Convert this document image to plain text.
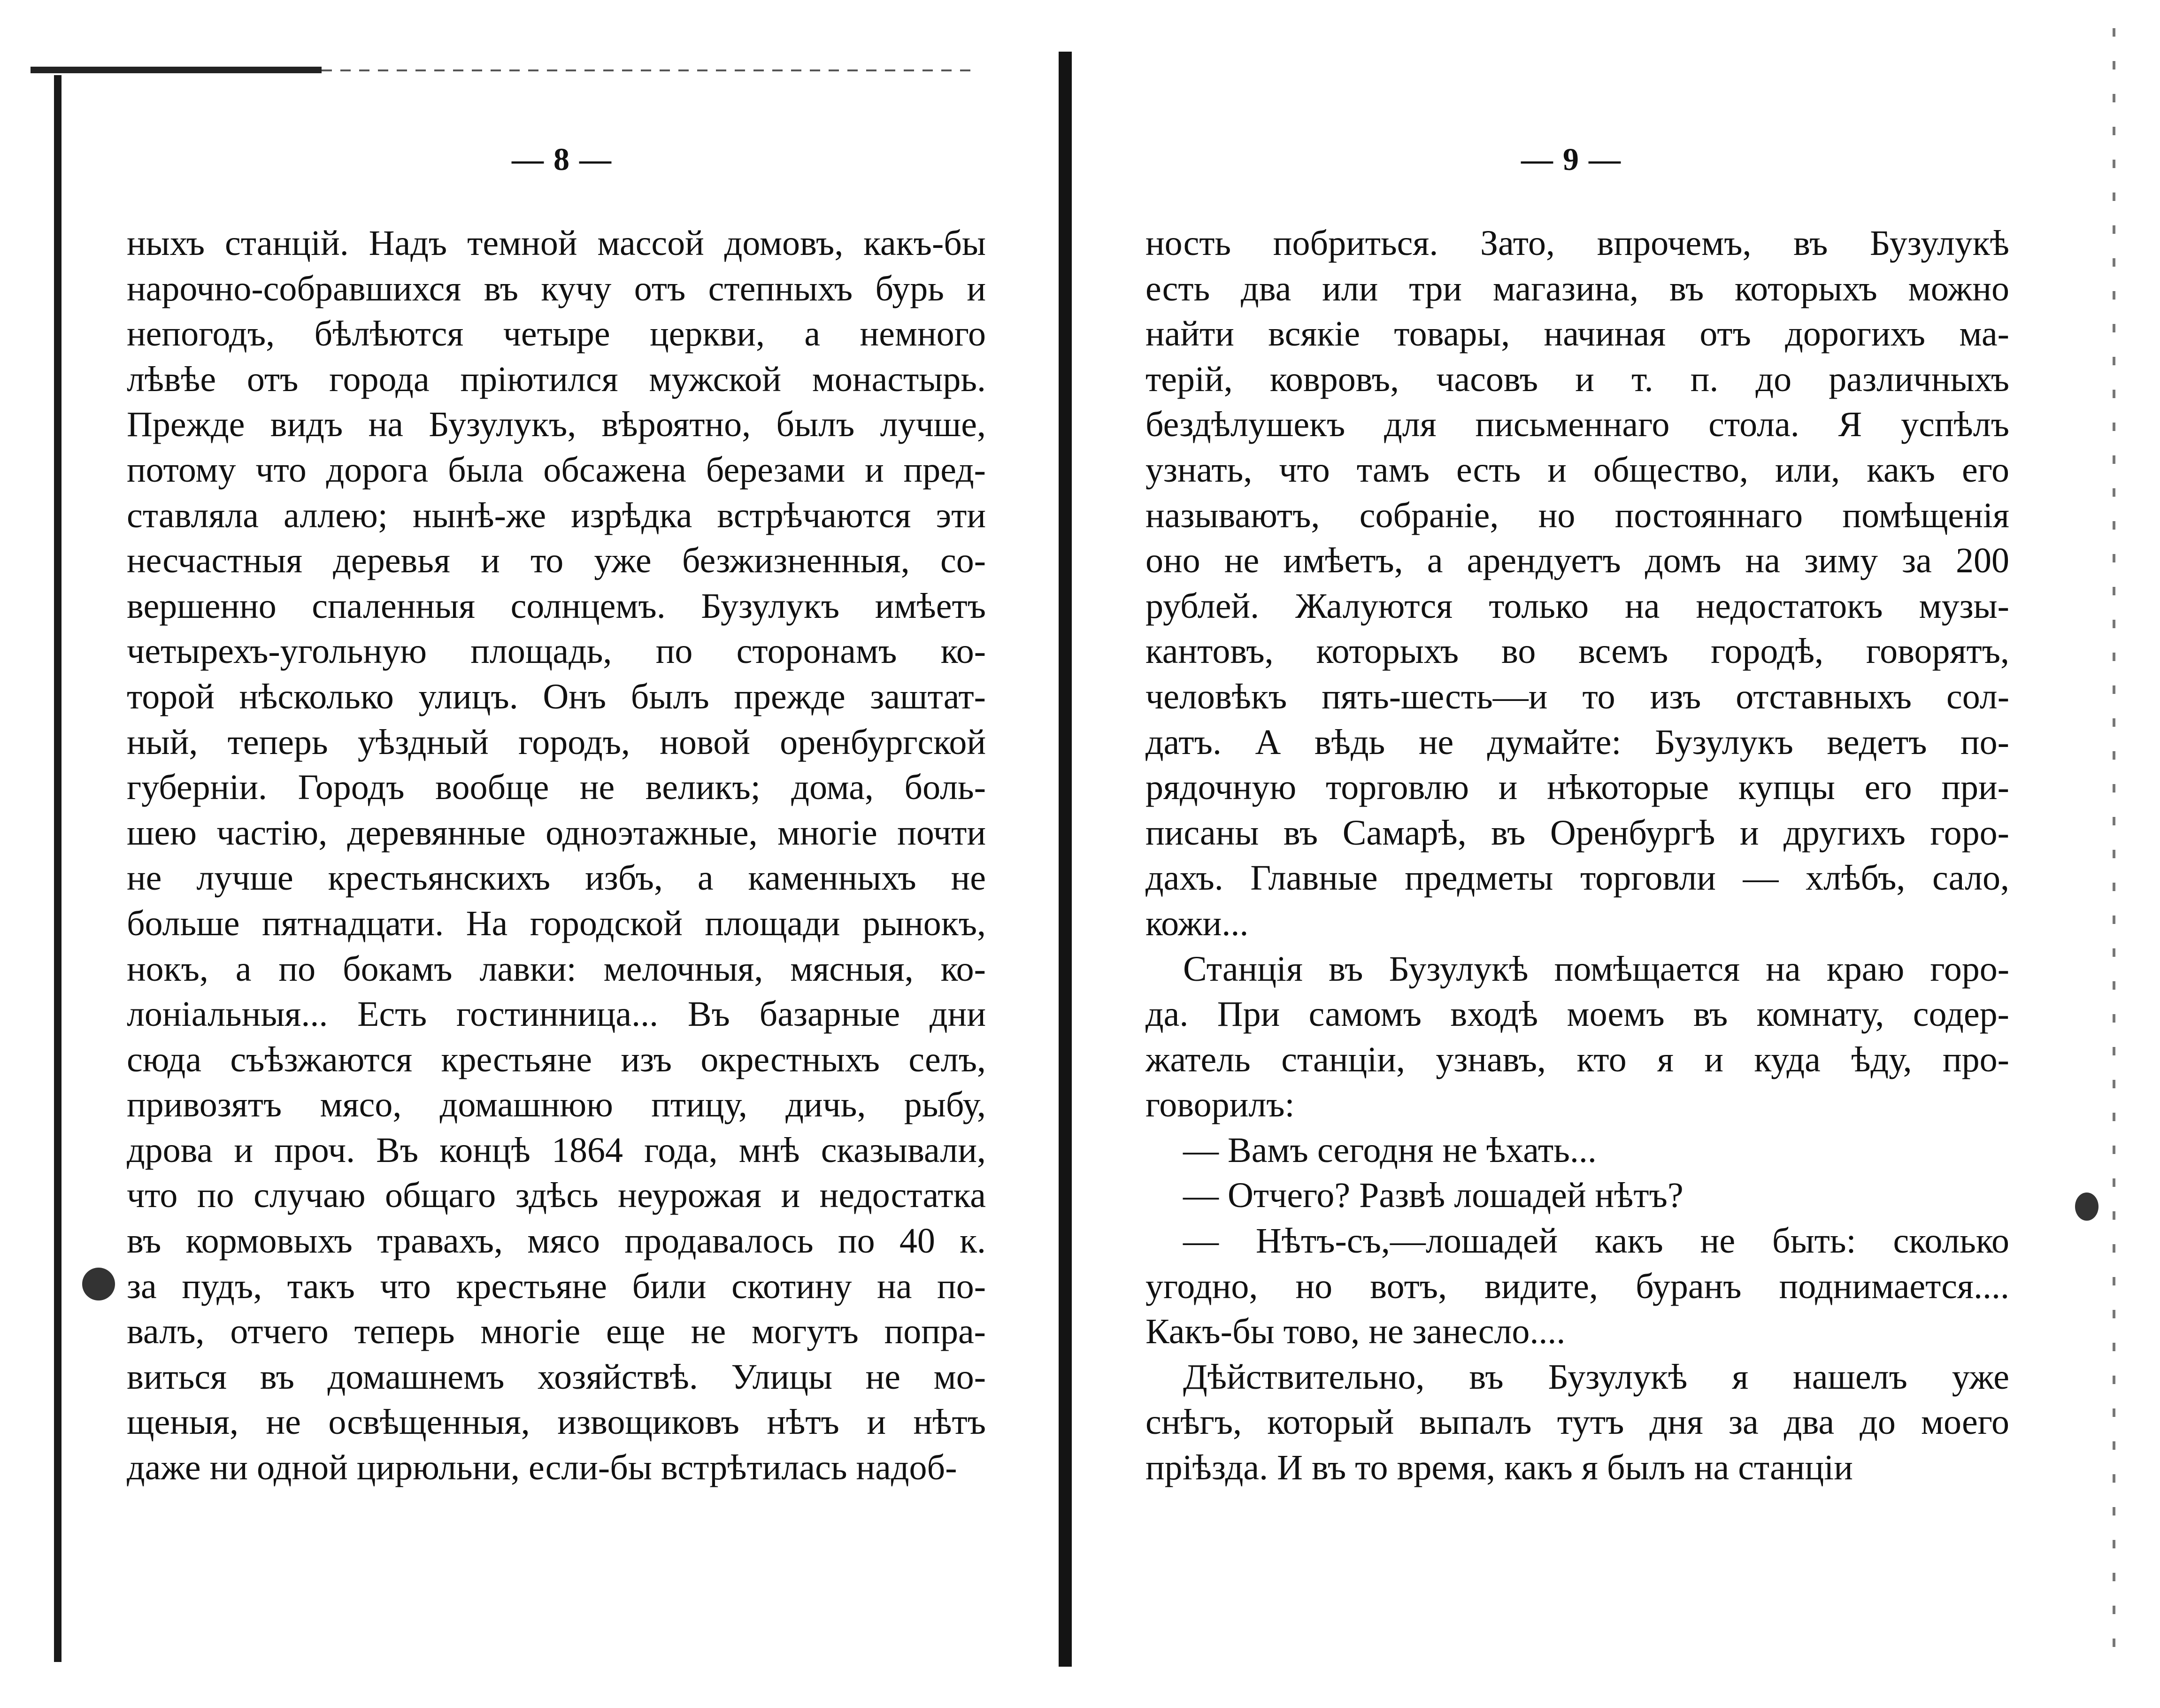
— 8 —
ныхъ станцій. Надъ темной массой домовъ, какъ-бы
нарочно-собравшихся въ кучу отъ степныхъ бурь и
непогодъ, бѣлѣются четыре церкви, а немного
лѣвѣе отъ города пріютился мужской монастырь.
Прежде видъ на Бузулукъ, вѣроятно, былъ лучше,
потому что дорога была обсажена березами и пред-
ставляла аллею; нынѣ-же изрѣдка встрѣчаются эти
несчастныя деревья и то уже безжизненныя, со-
вершенно спаленныя солнцемъ. Бузулукъ имѣетъ
четырехъ-угольную площадь, по сторонамъ ко-
торой нѣсколько улицъ. Онъ былъ прежде заштат-
ный, теперь уѣздный городъ, новой оренбургской
губерніи. Городъ вообще не великъ; дома, боль-
шею частію, деревянные одноэтажные, многіе почти
не лучше крестьянскихъ избъ, а каменныхъ не
больше пятнадцати. На городской площади рынокъ,
нокъ, а по бокамъ лавки: мелочныя, мясныя, ко-
лоніальныя... Есть гостинница... Въ базарные дни
сюда съѣзжаются крестьяне изъ окрестныхъ селъ,
привозятъ мясо, домашнюю птицу, дичь, рыбу,
дрова и проч. Въ концѣ 1864 года, мнѣ сказывали,
что по случаю общаго здѣсь неурожая и недостатка
въ кормовыхъ травахъ, мясо продавалось по 40 к.
за пудъ, такъ что крестьяне били скотину на по-
валъ, отчего теперь многіе еще не могутъ попра-
виться въ домашнемъ хозяйствѣ. Улицы не мо-
щеныя, не освѣщенныя, извощиковъ нѣтъ и нѣтъ
даже ни одной цирюльни, если-бы встрѣтилась надоб-
— 9 —
ность побриться. Зато, впрочемъ, въ Бузулукѣ
есть два или три магазина, въ которыхъ можно
найти всякіе товары, начиная отъ дорогихъ ма-
терій, ковровъ, часовъ и т. п. до различныхъ
бездѣлушекъ для письменнаго стола. Я успѣлъ
узнать, что тамъ есть и общество, или, какъ его
называютъ, собраніе, но постояннаго помѣщенія
оно не имѣетъ, а арендуетъ домъ на зиму за 200
рублей. Жалуются только на недостатокъ музы-
кантовъ, которыхъ во всемъ городѣ, говорятъ,
человѣкъ пять-шесть—и то изъ отставныхъ сол-
датъ. А вѣдь не думайте: Бузулукъ ведетъ по-
рядочную торговлю и нѣкоторые купцы его при-
писаны въ Самарѣ, въ Оренбургѣ и другихъ горо-
дахъ. Главные предметы торговли — хлѣбъ, сало,
кожи...
Станція въ Бузулукѣ помѣщается на краю горо-
да. При самомъ входѣ моемъ въ комнату, содер-
жатель станціи, узнавъ, кто я и куда ѣду, про-
говорилъ:
— Вамъ сегодня не ѣхать...
— Отчего? Развѣ лошадей нѣтъ?
— Нѣтъ-съ,—лошадей какъ не быть: сколько
угодно, но вотъ, видите, буранъ поднимается....
Какъ-бы тово, не занесло....
Дѣйствительно, въ Бузулукѣ я нашелъ уже
снѣгъ, который выпалъ тутъ дня за два до моего
пріѣзда. И въ то время, какъ я былъ на станціи
